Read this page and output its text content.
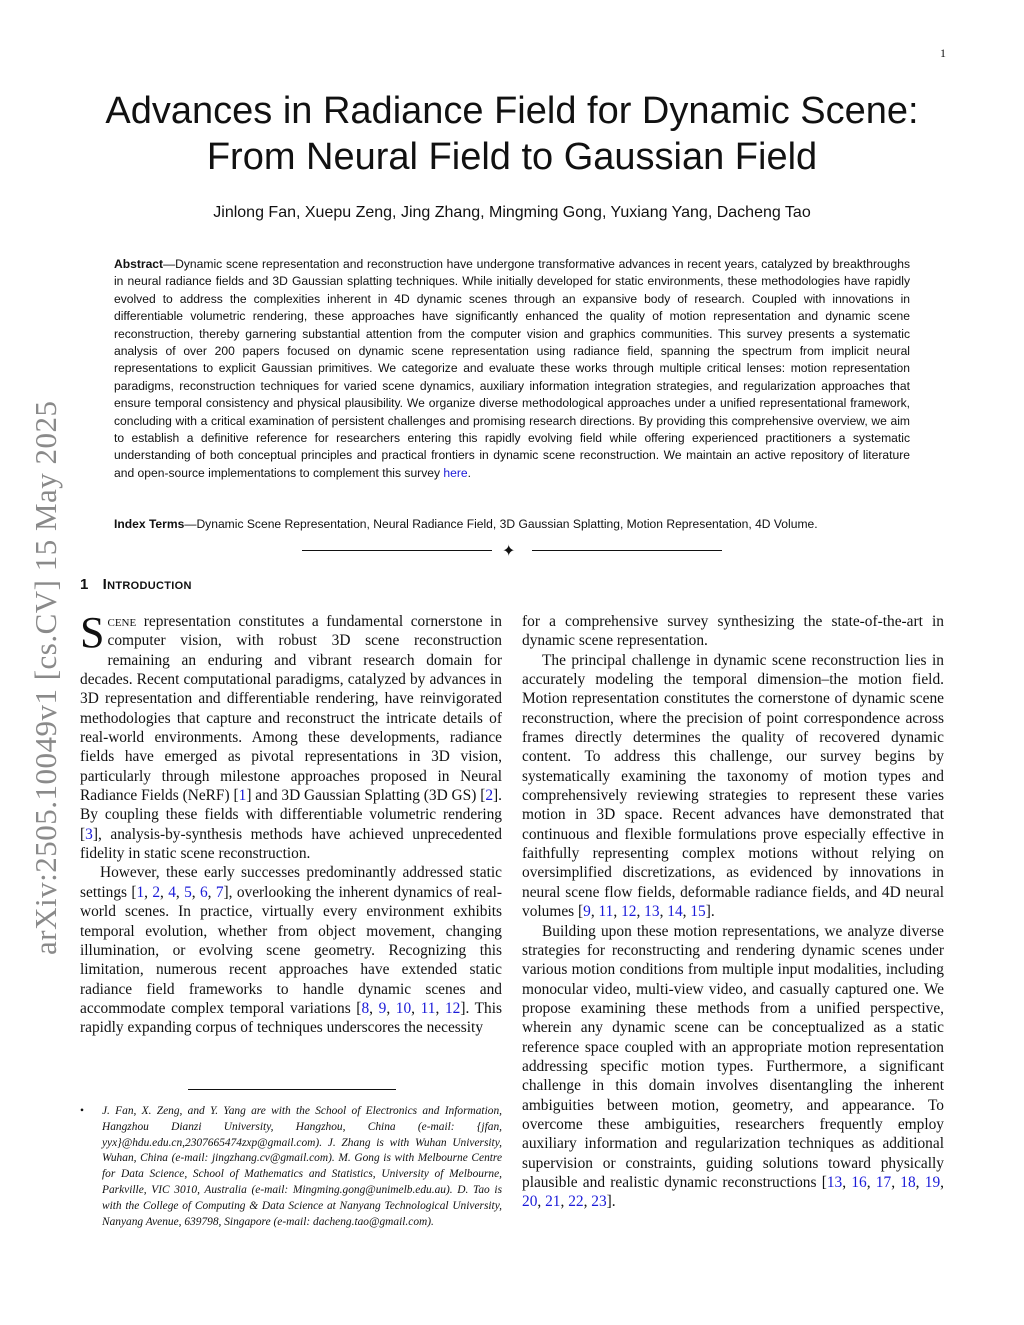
1
arXiv:2505.10049v1 [cs.CV] 15 May 2025
Advances in Radiance Field for Dynamic Scene:
From Neural Field to Gaussian Field
Jinlong Fan, Xuepu Zeng, Jing Zhang, Mingming Gong, Yuxiang Yang, Dacheng Tao
Abstract—Dynamic scene representation and reconstruction have undergone transformative advances in recent years, catalyzed by breakthroughs in neural radiance fields and 3D Gaussian splatting techniques. While initially developed for static environments, these methodologies have rapidly evolved to address the complexities inherent in 4D dynamic scenes through an expansive body of research. Coupled with innovations in differentiable volumetric rendering, these approaches have significantly enhanced the quality of motion representation and dynamic scene reconstruction, thereby garnering substantial attention from the computer vision and graphics communities. This survey presents a systematic analysis of over 200 papers focused on dynamic scene representation using radiance field, spanning the spectrum from implicit neural representations to explicit Gaussian primitives. We categorize and evaluate these works through multiple critical lenses: motion representation paradigms, reconstruction techniques for varied scene dynamics, auxiliary information integration strategies, and regularization approaches that ensure temporal consistency and physical plausibility. We organize diverse methodological approaches under a unified representational framework, concluding with a critical examination of persistent challenges and promising research directions. By providing this comprehensive overview, we aim to establish a definitive reference for researchers entering this rapidly evolving field while offering experienced practitioners a systematic understanding of both conceptual principles and practical frontiers in dynamic scene reconstruction. We maintain an active repository of literature and open-source implementations to complement this survey here.
Index Terms—Dynamic Scene Representation, Neural Radiance Field, 3D Gaussian Splatting, Motion Representation, 4D Volume.
✦
1 Introduction

Scene representation constitutes a fundamental cornerstone in computer vision, with robust 3D scene reconstruction remaining an enduring and vibrant research domain for decades. Recent computational paradigms, catalyzed by advances in 3D representation and differentiable rendering, have reinvigorated methodologies that capture and reconstruct the intricate details of real-world environments. Among these developments, radiance fields have emerged as pivotal representations in 3D vision, particularly through milestone approaches proposed in Neural Radiance Fields (NeRF) [1] and 3D Gaussian Splatting (3D GS) [2]. By coupling these fields with differentiable volumetric rendering [3], analysis-by-synthesis methods have achieved unprecedented fidelity in static scene reconstruction.

However, these early successes predominantly addressed static settings [1, 2, 4, 5, 6, 7], overlooking the inherent dynamics of real-world scenes. In practice, virtually every environment exhibits temporal evolution, whether from object movement, changing illumination, or evolving scene geometry. Recognizing this limitation, numerous recent approaches have extended static radiance field frameworks to handle dynamic scenes and accommodate complex temporal variations [8, 9, 10, 11, 12]. This rapidly expanding corpus of techniques underscores the necessity

• J. Fan, X. Zeng, and Y. Yang are with the School of Electronics and Information, Hangzhou Dianzi University, Hangzhou, China (e-mail: {jfan, yyx}@hdu.edu.cn,2307665474zxp@gmail.com). J. Zhang is with Wuhan University, Wuhan, China (e-mail: jingzhang.cv@gmail.com). M. Gong is with Melbourne Centre for Data Science, School of Mathematics and Statistics, University of Melbourne, Parkville, VIC 3010, Australia (e-mail: Mingming.gong@unimelb.edu.au). D. Tao is with the College of Computing & Data Science at Nanyang Technological University, Nanyang Avenue, 639798, Singapore (e-mail: dacheng.tao@gmail.com).

for a comprehensive survey synthesizing the state-of-the-art in dynamic scene representation.

The principal challenge in dynamic scene reconstruction lies in accurately modeling the temporal dimension–the motion field. Motion representation constitutes the cornerstone of dynamic scene reconstruction, where the precision of point correspondence across frames directly determines the quality of recovered dynamic content. To address this challenge, our survey begins by systematically examining the taxonomy of motion types and comprehensively reviewing strategies to represent these varies motion in 3D space. Recent advances have demonstrated that continuous and flexible formulations prove especially effective in faithfully representing complex motions without relying on oversimplified discretizations, as evidenced by innovations in neural scene flow fields, deformable radiance fields, and 4D neural volumes [9, 11, 12, 13, 14, 15].

Building upon these motion representations, we analyze diverse strategies for reconstructing and rendering dynamic scenes under various motion conditions from multiple input modalities, including monocular video, multi-view video, and casually captured one. We propose examining these methods from a unified perspective, wherein any dynamic scene can be conceptualized as a static reference space coupled with an appropriate motion representation addressing specific motion types. Furthermore, a significant challenge in this domain involves disentangling the inherent ambiguities between motion, geometry, and appearance. To overcome these ambiguities, researchers frequently employ auxiliary information and regularization techniques as additional supervision or constraints, guiding solutions toward physically plausible and realistic dynamic reconstructions [13, 16, 17, 18, 19, 20, 21, 22, 23].
